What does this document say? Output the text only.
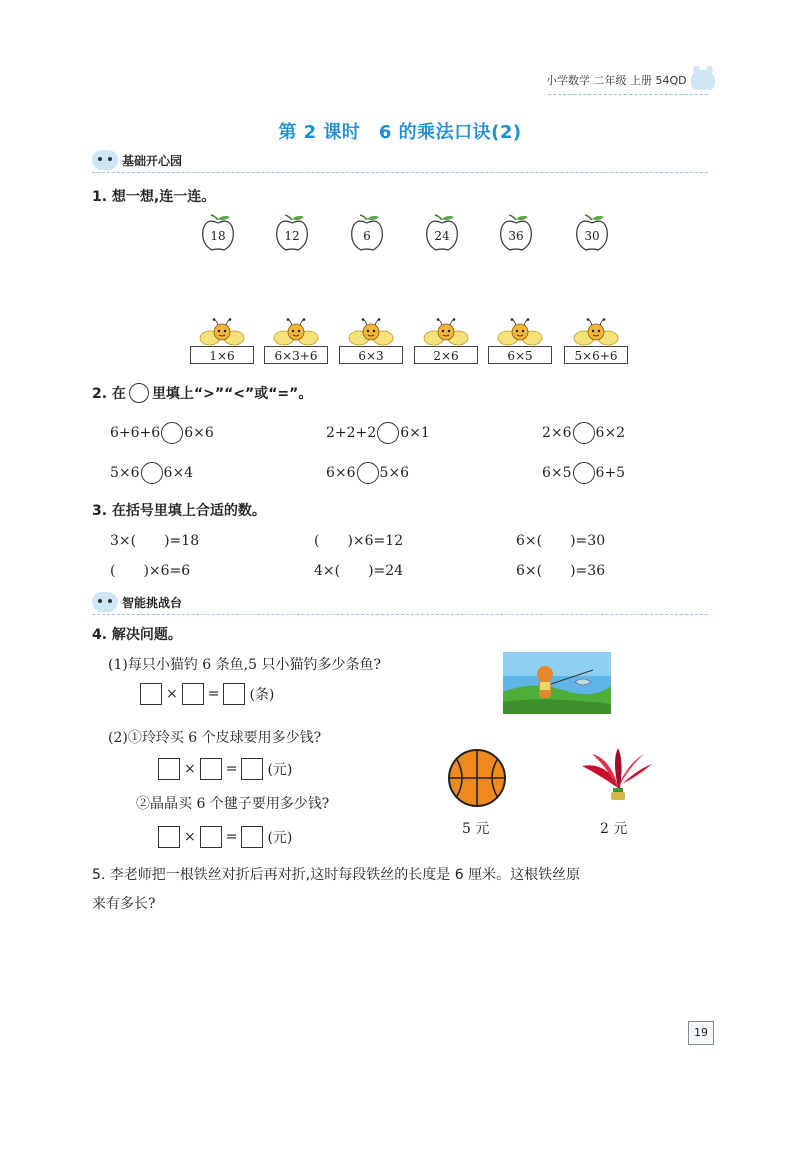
小学数学 二年级 上册 54QD
第 2 课时　6 的乘法口诀(2)
基础开心园
1. 想一想,连一连。
18	12	6	24	36	30
1×6	6×3+6	6×3	2×6	6×5	5×6+6
2. 在 里填上“>”“<”或“=”。
6+6+6 6×6	2+2+2 6×1	2×6 6×2
5×6 6×4	6×6 5×6	6×5 6+5
3. 在括号里填上合适的数。
3×(　　)=18	(　　)×6=12	6×(　　)=30
(　　)×6=6	4×(　　)=24	6×(　　)=36
智能挑战台
4. 解决问题。
(1)每只小猫钓 6 条鱼,5 只小猫钓多少条鱼?
× = (条)
(2)①玲玲买 6 个皮球要用多少钱?
× = (元)
②晶晶买 6 个毽子要用多少钱?
× = (元)
5 元	2 元
5. 李老师把一根铁丝对折后再对折,这时每段铁丝的长度是 6 厘米。这根铁丝原
来有多长?
19
